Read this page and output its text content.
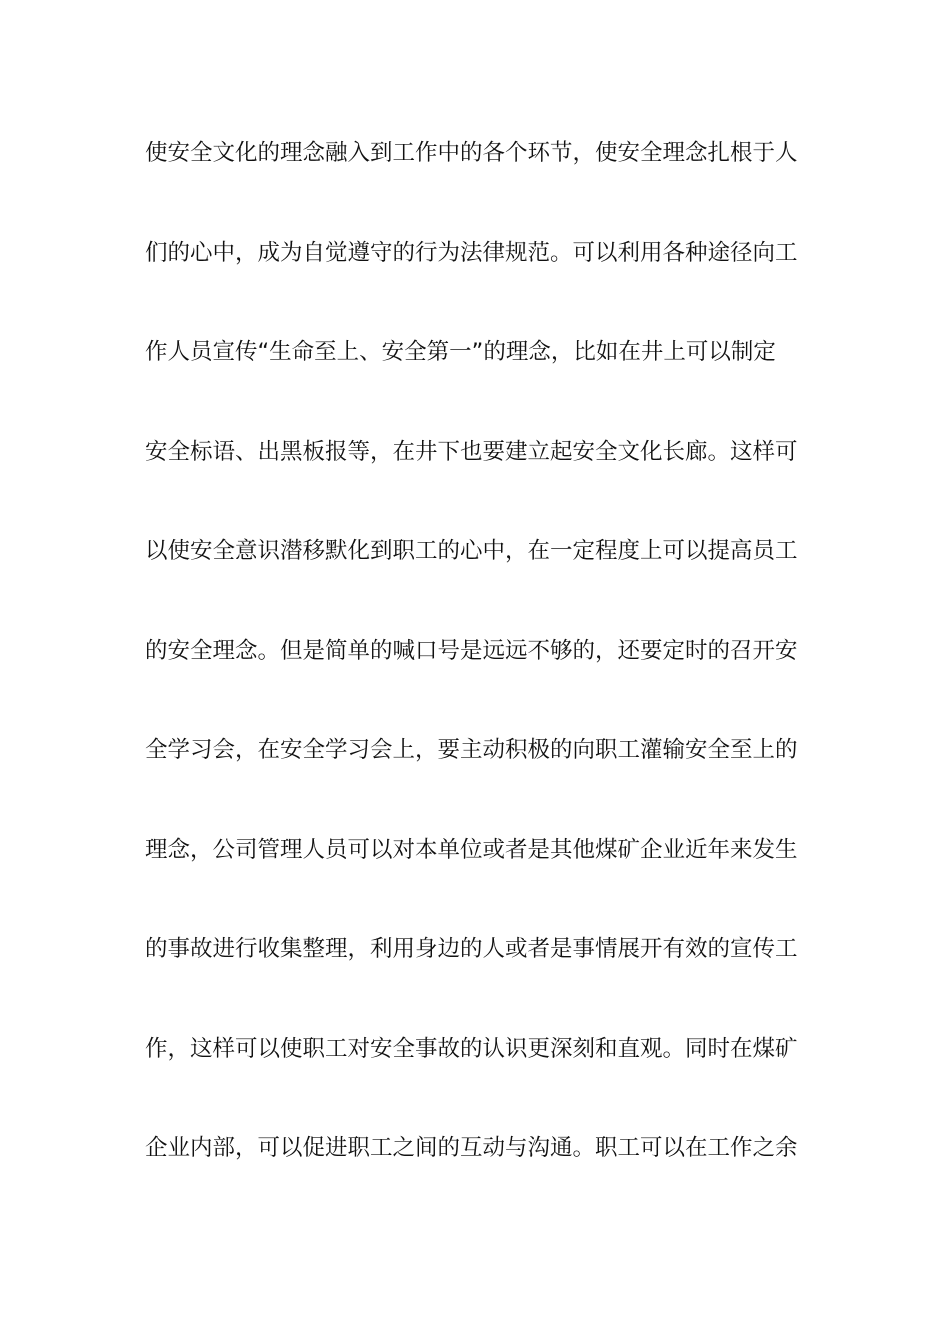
使安全文化的理念融入到工作中的各个环节，使安全理念扎根于人
们的心中，成为自觉遵守的行为法律规范。可以利用各种途径向工
作人员宣传“生命至上、安全第一”的理念，比如在井上可以制定
安全标语、出黑板报等，在井下也要建立起安全文化长廊。这样可
以使安全意识潜移默化到职工的心中，在一定程度上可以提高员工
的安全理念。但是简单的喊口号是远远不够的，还要定时的召开安
全学习会，在安全学习会上，要主动积极的向职工灌输安全至上的
理念，公司管理人员可以对本单位或者是其他煤矿企业近年来发生
的事故进行收集整理，利用身边的人或者是事情展开有效的宣传工
作，这样可以使职工对安全事故的认识更深刻和直观。同时在煤矿
企业内部，可以促进职工之间的互动与沟通。职工可以在工作之余
